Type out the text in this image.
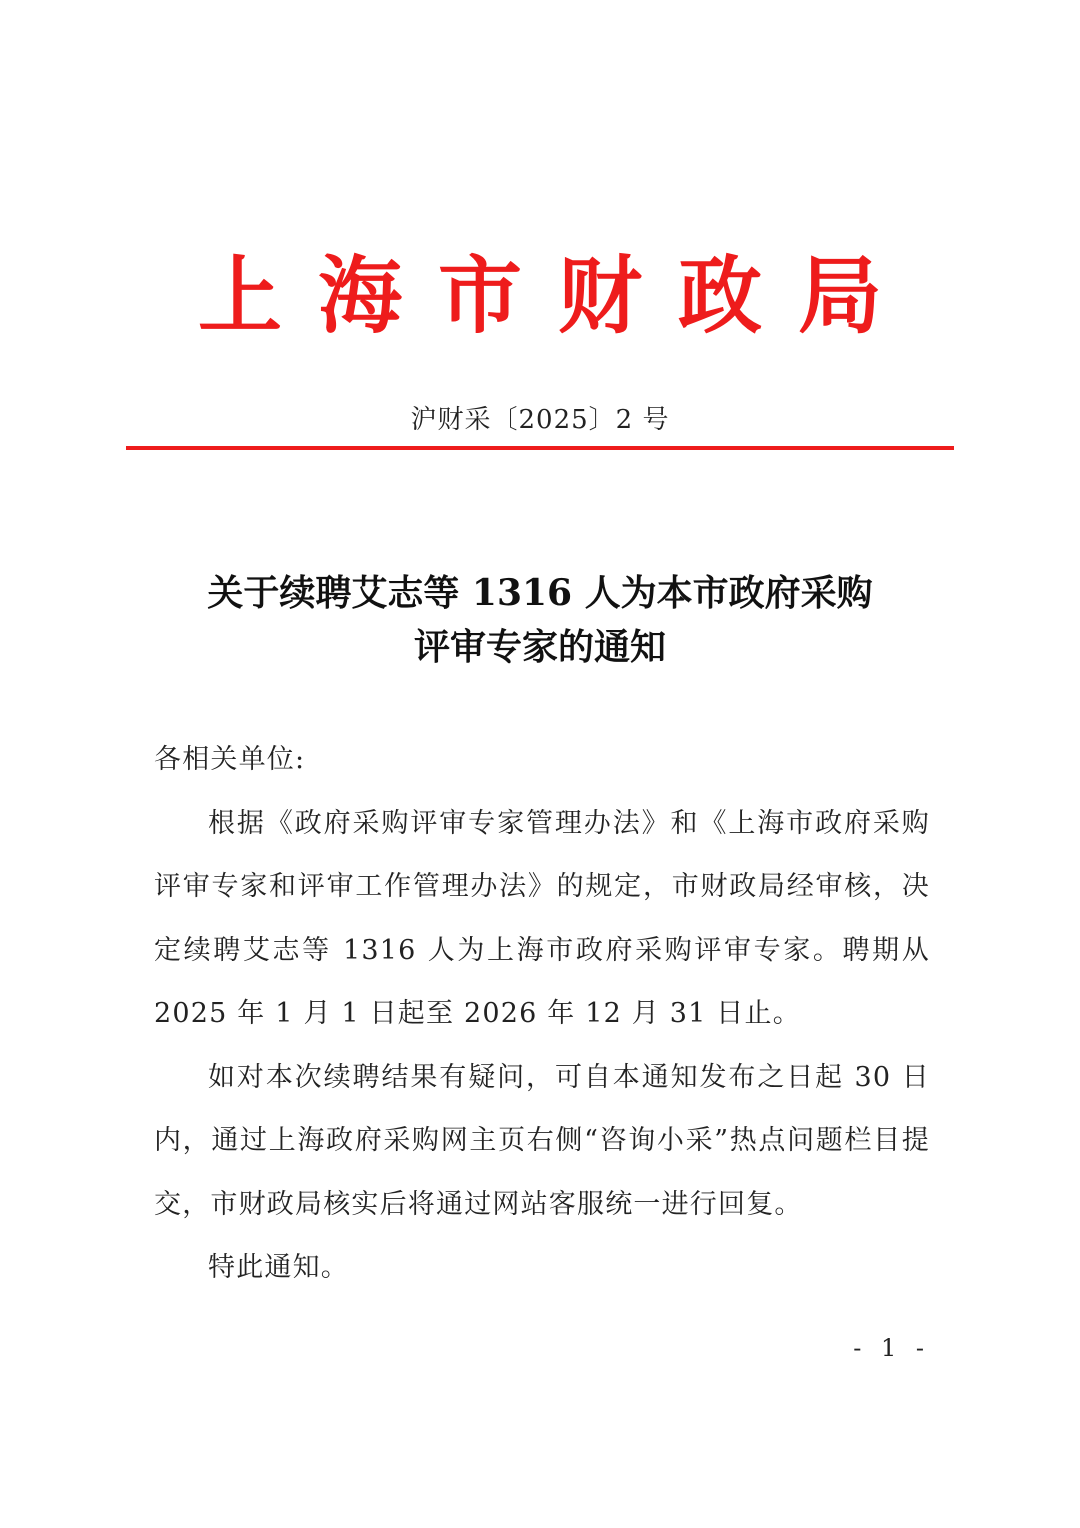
上海市财政局
沪财采〔2025〕2 号
关于续聘艾志等 1316 人为本市政府采购
评审专家的通知

各相关单位:

根据《政府采购评审专家管理办法》和《上海市政府采购评审专家和评审工作管理办法》的规定，市财政局经审核，决定续聘艾志等 1316 人为上海市政府采购评审专家。聘期从 2025 年 1 月 1 日起至 2026 年 12 月 31 日止。

如对本次续聘结果有疑问，可自本通知发布之日起 30 日内，通过上海政府采购网主页右侧“咨询小采”热点问题栏目提交，市财政局核实后将通过网站客服统一进行回复。

特此通知。

- 1 -
